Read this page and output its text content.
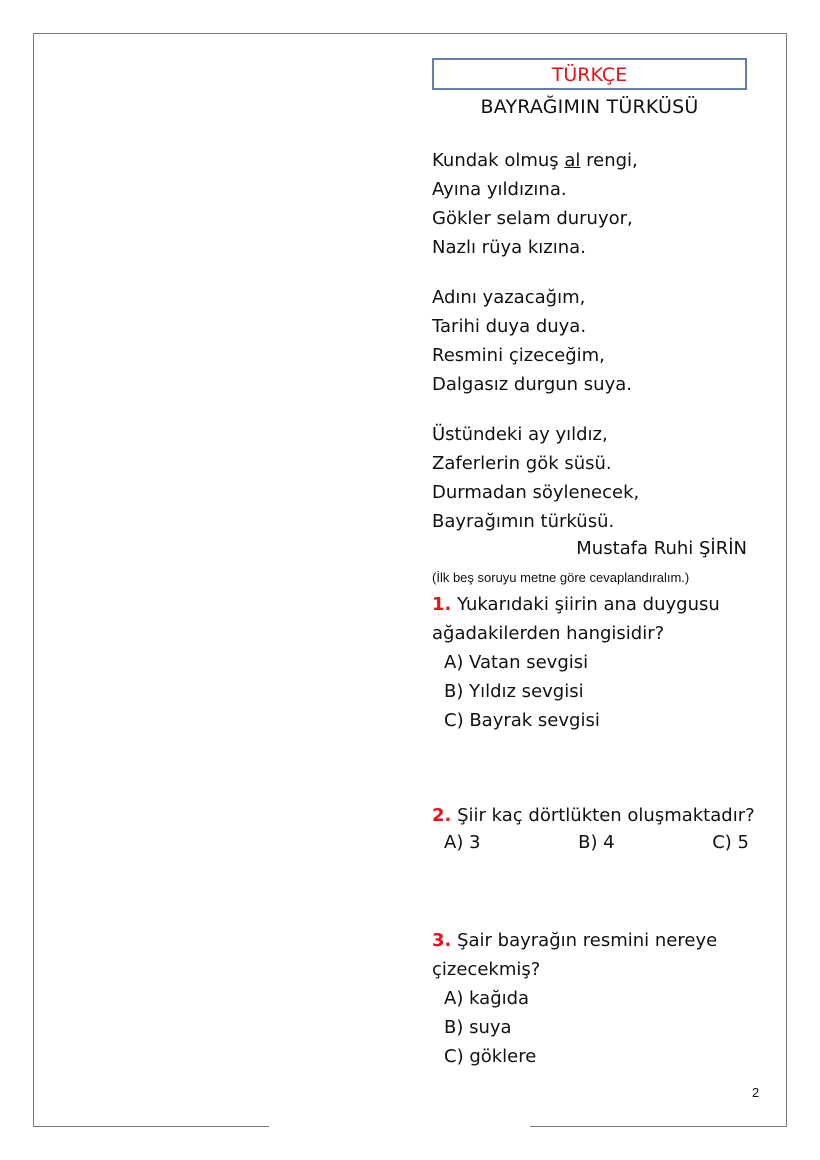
TÜRKÇE
BAYRAĞIMIN TÜRKÜSÜ
Kundak olmuş al rengi,
Ayına yıldızına.
Gökler selam duruyor,
Nazlı rüya kızına.
Adını yazacağım,
Tarihi duya duya.
Resmini çizeceğim,
Dalgasız durgun suya.
Üstündeki ay yıldız,
Zaferlerin gök süsü.
Durmadan söylenecek,
Bayrağımın türküsü.
Mustafa Ruhi ŞİRİN
(İlk beş soruyu metne göre cevaplandıralım.)
1. Yukarıdaki şiirin ana duygusu
ağadakilerden hangisidir?
A) Vatan sevgisi
B) Yıldız sevgisi
C) Bayrak sevgisi
2. Şiir kaç dörtlükten oluşmaktadır?
A) 3	B) 4	C) 5
3. Şair bayrağın resmini nereye
çizecekmiş?
A) kağıda
B) suya
C) göklere
2
